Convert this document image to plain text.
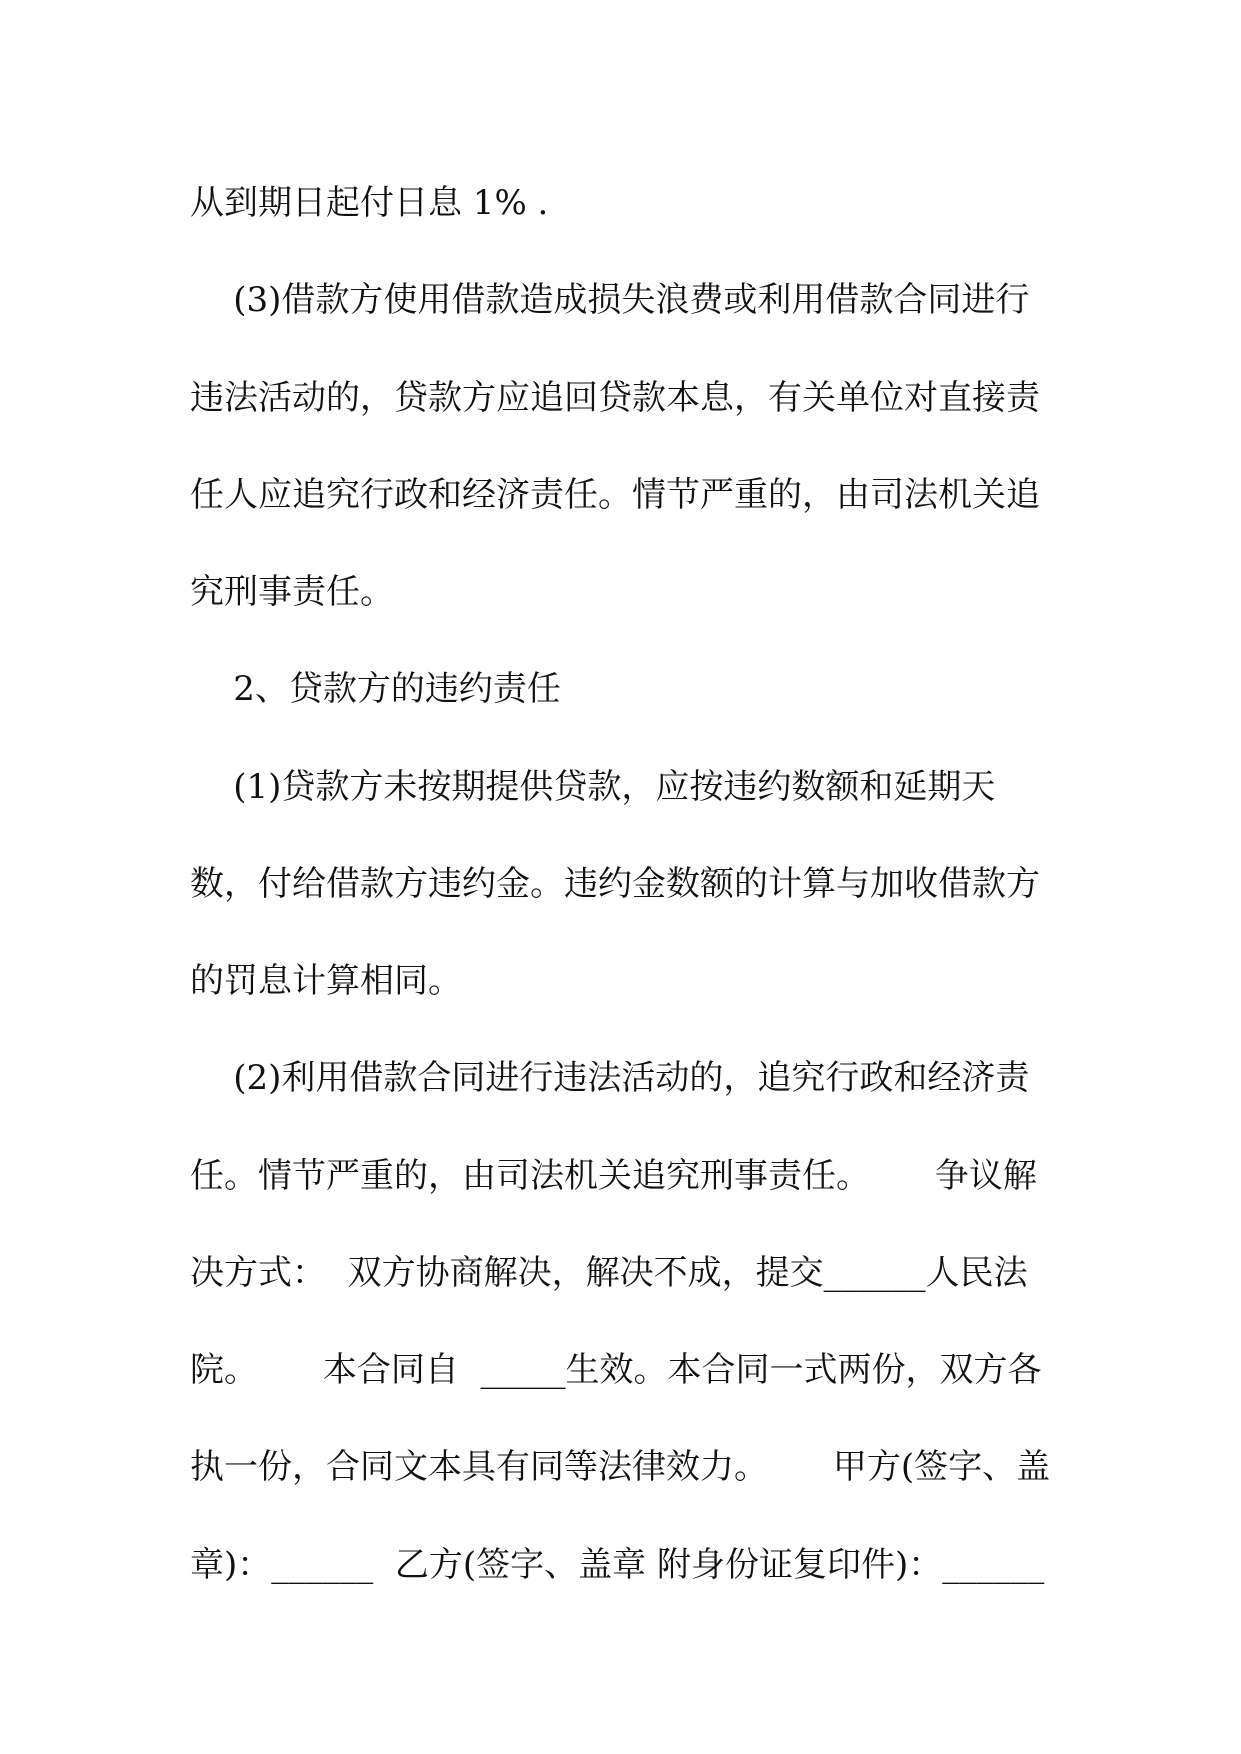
从到期日起付日息 1% .

(3)借款方使用借款造成损失浪费或利用借款合同进行

违法活动的，贷款方应追回贷款本息，有关单位对直接责

任人应追究行政和经济责任。情节严重的，由司法机关追

究刑事责任。

2、贷款方的违约责任

(1)贷款方未按期提供贷款，应按违约数额和延期天

数，付给借款方违约金。违约金数额的计算与加收借款方

的罚息计算相同。

(2)利用借款合同进行违法活动的，追究行政和经济责

任。情节严重的，由司法机关追究刑事责任。      争议解

决方式：  双方协商解决，解决不成，提交______人民法

院。      本合同自  _____生效。本合同一式两份，双方各

执一份，合同文本具有同等法律效力。      甲方(签字、盖

章)：______  乙方(签字、盖章 附身份证复印件)：______
